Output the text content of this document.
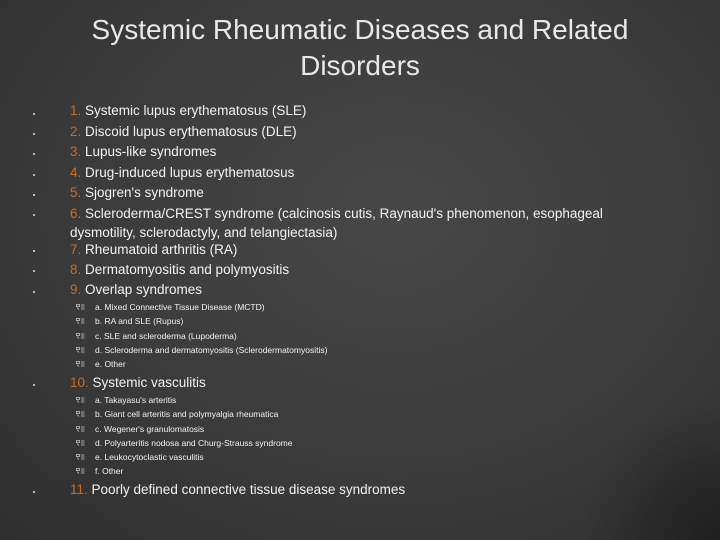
Systemic Rheumatic Diseases and Related
Disorders
1. Systemic lupus erythematosus (SLE)
2. Discoid lupus erythematosus (DLE)
3. Lupus-like syndromes
4. Drug-induced lupus erythematosus
5. Sjogren's syndrome
6. Scleroderma/CREST syndrome (calcinosis cutis, Raynaud's phenomenon, esophageal dysmotility, sclerodactyly, and telangiectasia)
7. Rheumatoid arthritis (RA)
8. Dermatomyositis and polymyositis
9. Overlap syndromes
a. Mixed Connective Tissue Disease (MCTD)
b. RA and SLE (Rupus)
c. SLE and scleroderma (Lupoderma)
d. Scleroderma and dermatomyositis (Sclerodermatomyositis)
e. Other
10. Systemic vasculitis
a. Takayasu's arteritis
b. Giant cell arteritis and polymyalgia rheumatica
c. Wegener's granulomatosis
d. Polyarteritis nodosa and Churg-Strauss syndrome
e. Leukocytoclastic vasculitis
f. Other
11. Poorly defined connective tissue disease syndromes
